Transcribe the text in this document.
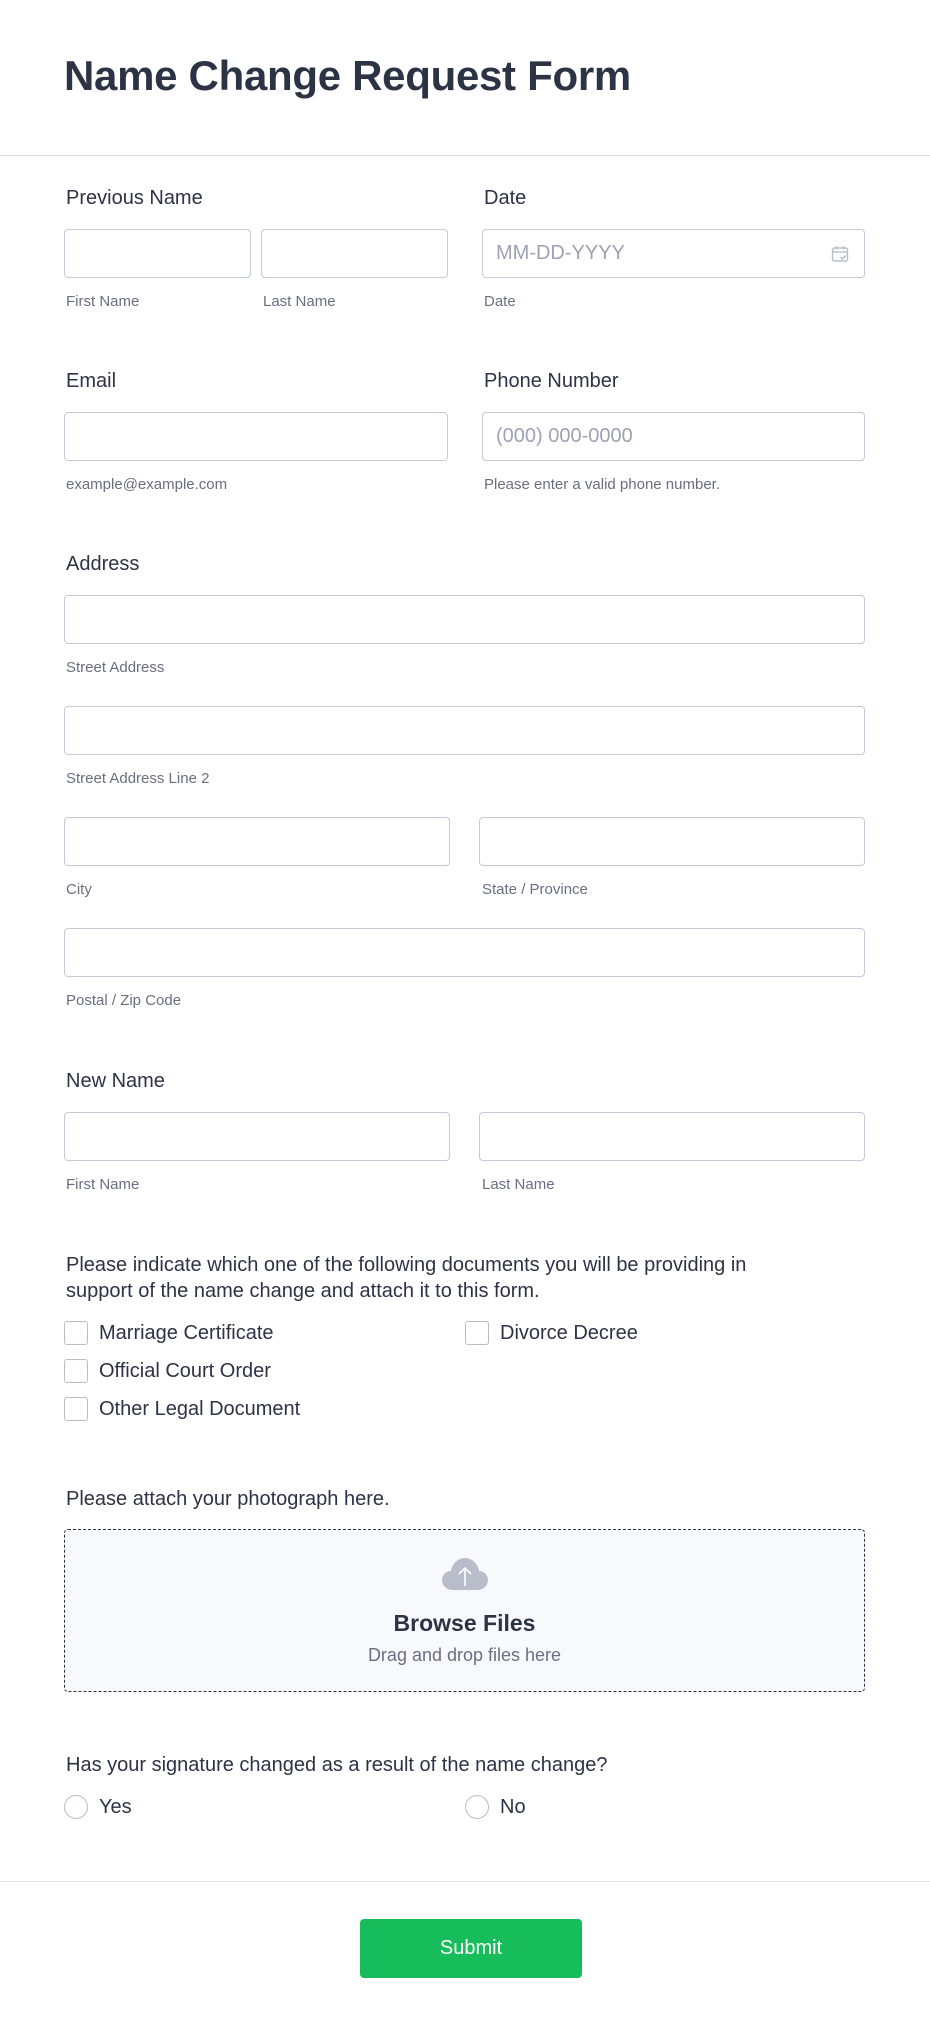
Name Change Request Form
Previous Name
First Name	Last Name
Date
MM-DD-YYYY
Date
Email
example@example.com
Phone Number
(000) 000-0000
Please enter a valid phone number.
Address
Street Address
Street Address Line 2
City	State / Province
Postal / Zip Code
New Name
First Name	Last Name
Please indicate which one of the following documents you will be providing in
support of the name change and attach it to this form.
Marriage Certificate	Divorce Decree
Official Court Order
Other Legal Document
Please attach your photograph here.
Browse Files
Drag and drop files here
Has your signature changed as a result of the name change?
Yes	No
Submit
